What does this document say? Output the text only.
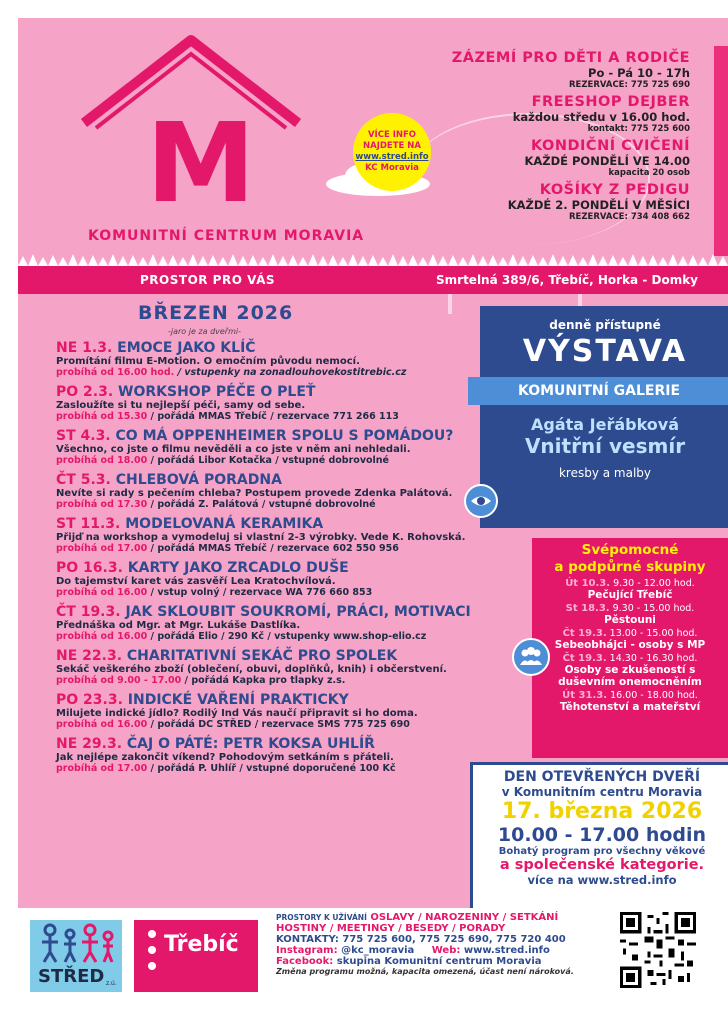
M
KOMUNITNÍ CENTRUM MORAVIA
VÍCE INFO
NAJDETE NA
www.stred.info
KC Moravia
ZÁZEMÍ PRO DĚTI A RODIČE
Po - Pá 10 - 17h
REZERVACE: 775 725 690
FREESHOP DEJBER
každou středu v 16.00 hod.
kontakt: 775 725 600
KONDIČNÍ CVIČENÍ
KAŽDÉ PONDĚLÍ VE 14.00
kapacita 20 osob
KOŠÍKY Z PEDIGU
KAŽDÉ 2. PONDĚLÍ V MĚSÍCI
REZERVACE: 734 408 662
PROSTOR PRO VÁS	Smrtelná 389/6, Třebíč, Horka - Domky
BŘEZEN 2026
-jaro je za dveřmi-
NE 1.3. EMOCE JAKO KLÍČ
Promítání filmu E-Motion. O emočním původu nemocí.
probíhá od 16.00 hod. / vstupenky na zonadlouhovekostitrebic.cz
PO 2.3. WORKSHOP PÉČE O PLEŤ
Zasloužíte si tu nejlepší péči, samy od sebe.
probíhá od 15.30 / pořádá MMAS Třebíč / rezervace 771 266 113
ST 4.3. CO MÁ OPPENHEIMER SPOLU S POMÁDOU?
Všechno, co jste o filmu nevěděli a co jste v něm ani nehledali.
probíhá od 18.00 / pořádá Libor Kotačka / vstupné dobrovolné
ČT 5.3. CHLEBOVÁ PORADNA
Nevíte si rady s pečením chleba? Postupem provede Zdenka Palátová.
probíhá od 17.30 / pořádá Z. Palátová / vstupné dobrovolné
ST 11.3. MODELOVANÁ KERAMIKA
Přijď na workshop a vymodeluj si vlastní 2-3 výrobky. Vede K. Rohovská.
probíhá od 17.00 / pořádá MMAS Třebíč / rezervace 602 550 956
PO 16.3. KARTY JAKO ZRCADLO DUŠE
Do tajemství karet vás zasvěří Lea Kratochvílová.
probíhá od 16.00 / vstup volný / rezervace WA 776 660 853
ČT 19.3. JAK SKLOUBIT SOUKROMÍ, PRÁCI, MOTIVACI
Přednáška od Mgr. at Mgr. Lukáše Dastlíka.
probíhá od 16.00 / pořádá Elio / 290 Kč / vstupenky www.shop-elio.cz
NE 22.3. CHARITATIVNÍ SEKÁČ PRO SPOLEK
Sekáč veškerého zboží (oblečení, obuvi, doplňků, knih) i občerstvení.
probíhá od 9.00 - 17.00 / pořádá Kapka pro tlapky z.s.
PO 23.3. INDICKÉ VAŘENÍ PRAKTICKY
Milujete indické jídlo? Rodilý Ind Vás naučí připravit si ho doma.
probíhá od 16.00 / pořádá DC STŘED / rezervace SMS 775 725 690
NE 29.3. ČAJ O PÁTÉ: PETR KOKSA UHLÍŘ
Jak nejlépe zakončit víkend? Pohodovým setkáním s přáteli.
probíhá od 17.00 / pořádá P. Uhlíř / vstupné doporučené 100 Kč
denně přístupné
VÝSTAVA
KOMUNITNÍ GALERIE
Agáta Jeřábková
Vnitřní vesmír
kresby a malby
Svépomocné
a podpůrné skupiny
Út 10.3. 9.30 - 12.00 hod.
Pečující Třebíč
St 18.3. 9.30 - 15.00 hod.
Pěstouni
Čt 19.3. 13.00 - 15.00 hod.
Sebeobhájci - osoby s MP
Čt 19.3. 14.30 - 16.30 hod.
Osoby se zkušeností s duševním onemocněním
Út 31.3. 16.00 - 18.00 hod.
Těhotenství a mateřství
DEN OTEVŘENÝCH DVEŘÍ
v Komunitním centru Moravia
17. března 2026
10.00 - 17.00 hodin
Bohatý program pro všechny věkové
a společenské kategorie.
více na www.stred.info
STŘED z.ú.
Třebíč
PROSTORY K UŽÍVÁNÍ OSLAVY / NAROZENINY / SETKÁNÍ
HOSTINY / MEETINGY / BESEDY / PORADY
KONTAKTY: 775 725 600, 775 725 690, 775 720 400
Instagram: @kc_moravia Web: www.stred.info
Facebook: skupina Komunitní centrum Moravia
Změna programu možná, kapacita omezená, účast není nároková.
